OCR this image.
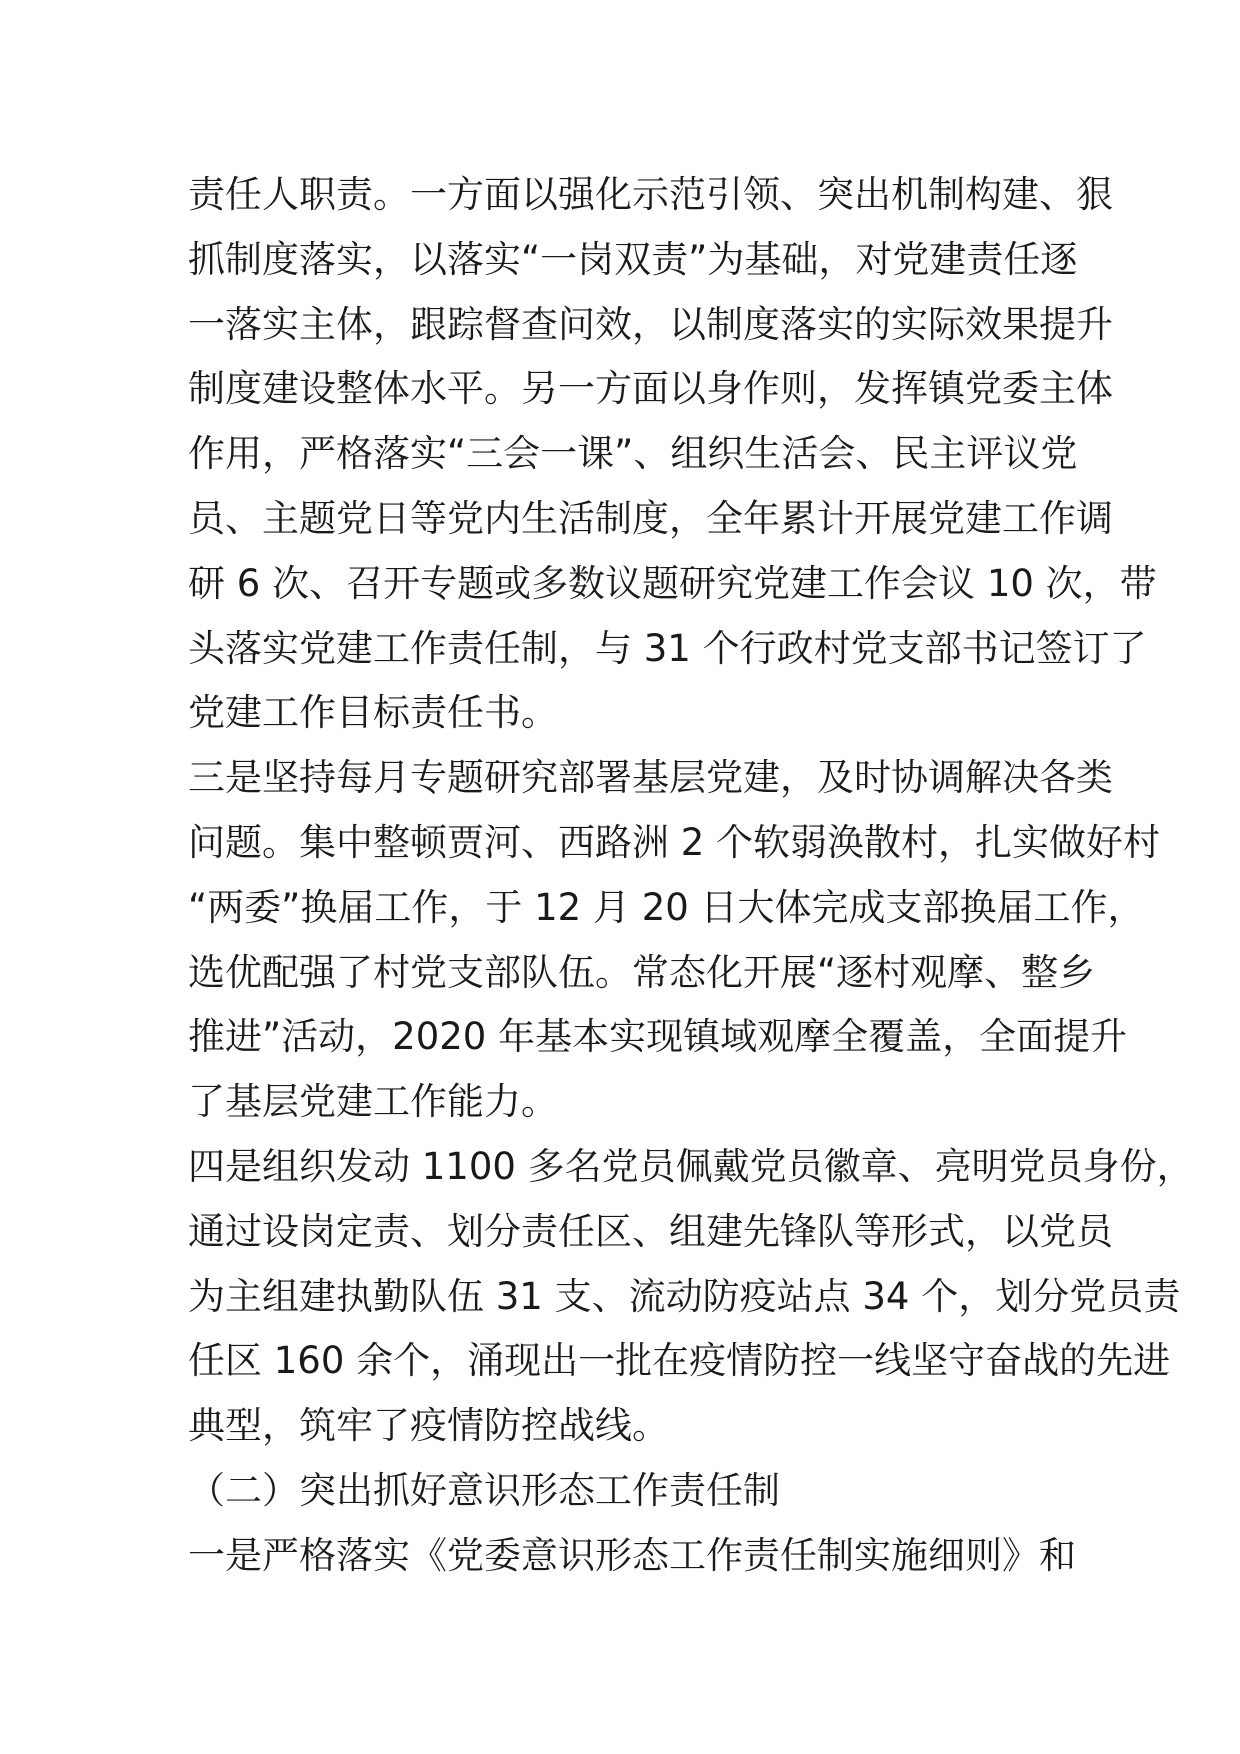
责任人职责。一方面以强化示范引领、突出机制构建、狠
抓制度落实，以落实“一岗双责”为基础，对党建责任逐
一落实主体，跟踪督查问效，以制度落实的实际效果提升
制度建设整体水平。另一方面以身作则，发挥镇党委主体
作用，严格落实“三会一课”、组织生活会、民主评议党
员、主题党日等党内生活制度，全年累计开展党建工作调
研 6 次、召开专题或多数议题研究党建工作会议 10 次，带
头落实党建工作责任制，与 31 个行政村党支部书记签订了
党建工作目标责任书。
三是坚持每月专题研究部署基层党建，及时协调解决各类
问题。集中整顿贾河、西路洲 2 个软弱涣散村，扎实做好村
“两委”换届工作，于 12 月 20 日大体完成支部换届工作，
选优配强了村党支部队伍。常态化开展“逐村观摩、整乡
推进”活动，2020 年基本实现镇域观摩全覆盖，全面提升
了基层党建工作能力。
四是组织发动 1100 多名党员佩戴党员徽章、亮明党员身份，
通过设岗定责、划分责任区、组建先锋队等形式，以党员
为主组建执勤队伍 31 支、流动防疫站点 34 个，划分党员责
任区 160 余个，涌现出一批在疫情防控一线坚守奋战的先进
典型，筑牢了疫情防控战线。
（二）突出抓好意识形态工作责任制
一是严格落实《党委意识形态工作责任制实施细则》和
